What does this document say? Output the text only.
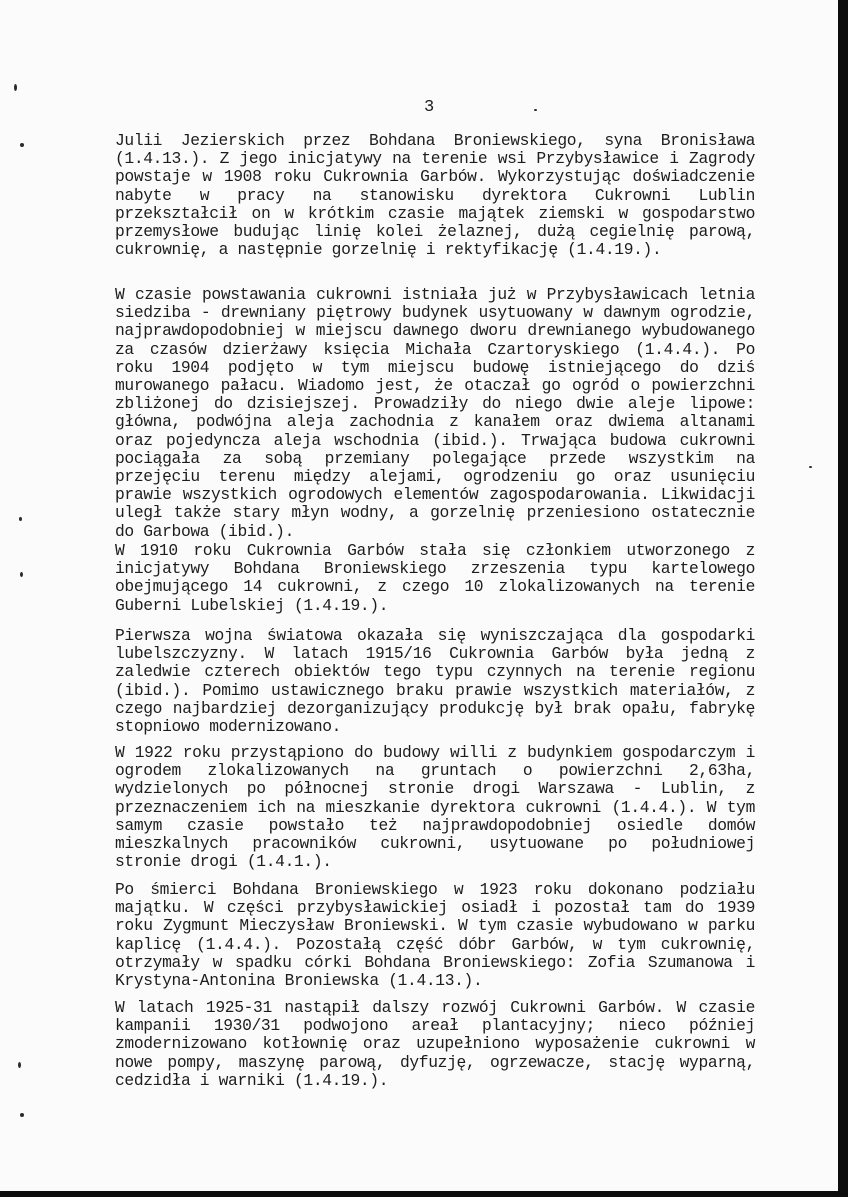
3

Julii Jezierskich przez Bohdana Broniewskiego, syna Bronisława (1.4.13.). Z jego inicjatywy na terenie wsi Przybysławice i Zagrody powstaje w 1908 roku Cukrownia Garbów. Wykorzystując doświadczenie nabyte w pracy na stanowisku dyrektora Cukrowni Lublin przekształcił on w krótkim czasie majątek ziemski w gospodarstwo przemysłowe budując linię kolei żelaznej, dużą cegielnię parową, cukrownię, a następnie gorzelnię i rektyfikację (1.4.19.).

W czasie powstawania cukrowni istniała już w Przybysławicach letnia siedziba - drewniany piętrowy budynek usytuowany w dawnym ogrodzie, najprawdopodobniej w miejscu dawnego dworu drewnianego wybudowanego za czasów dzierżawy księcia Michała Czartoryskiego (1.4.4.). Po roku 1904 podjęto w tym miejscu budowę istniejącego do dziś murowanego pałacu. Wiadomo jest, że otaczał go ogród o powierzchni zbliżonej do dzisiejszej. Prowadziły do niego dwie aleje lipowe: główna, podwójna aleja zachodnia z kanałem oraz dwiema altanami oraz pojedyncza aleja wschodnia (ibid.). Trwająca budowa cukrowni pociągała za sobą przemiany polegające przede wszystkim na przejęciu terenu między alejami, ogrodzeniu go oraz usunięciu prawie wszystkich ogrodowych elementów zagospodarowania. Likwidacji uległ także stary młyn wodny, a gorzelnię przeniesiono ostatecznie do Garbowa (ibid.).

W 1910 roku Cukrownia Garbów stała się członkiem utworzonego z inicjatywy Bohdana Broniewskiego zrzeszenia typu kartelowego obejmującego 14 cukrowni, z czego 10 zlokalizowanych na terenie Guberni Lubelskiej (1.4.19.).

Pierwsza wojna światowa okazała się wyniszczająca dla gospodarki lubelszczyzny. W latach 1915/16 Cukrownia Garbów była jedną z zaledwie czterech obiektów tego typu czynnych na terenie regionu (ibid.). Pomimo ustawicznego braku prawie wszystkich materiałów, z czego najbardziej dezorganizujący produkcję był brak opału, fabrykę stopniowo modernizowano.

W 1922 roku przystąpiono do budowy willi z budynkiem gospodarczym i ogrodem zlokalizowanych na gruntach o powierzchni 2,63ha, wydzielonych po północnej stronie drogi Warszawa - Lublin, z przeznaczeniem ich na mieszkanie dyrektora cukrowni (1.4.4.). W tym samym czasie powstało też najprawdopodobniej osiedle domów mieszkalnych pracowników cukrowni, usytuowane po południowej stronie drogi (1.4.1.).

Po śmierci Bohdana Broniewskiego w 1923 roku dokonano podziału majątku. W części przybysławickiej osiadł i pozostał tam do 1939 roku Zygmunt Mieczysław Broniewski. W tym czasie wybudowano w parku kaplicę (1.4.4.). Pozostałą część dóbr Garbów, w tym cukrownię, otrzymały w spadku córki Bohdana Broniewskiego: Zofia Szumanowa i Krystyna-Antonina Broniewska (1.4.13.).

W latach 1925-31 nastąpił dalszy rozwój Cukrowni Garbów. W czasie kampanii 1930/31 podwojono areał plantacyjny; nieco później zmodernizowano kotłownię oraz uzupełniono wyposażenie cukrowni w nowe pompy, maszynę parową, dyfuzję, ogrzewacze, stację wyparną, cedzidła i warniki (1.4.19.).
